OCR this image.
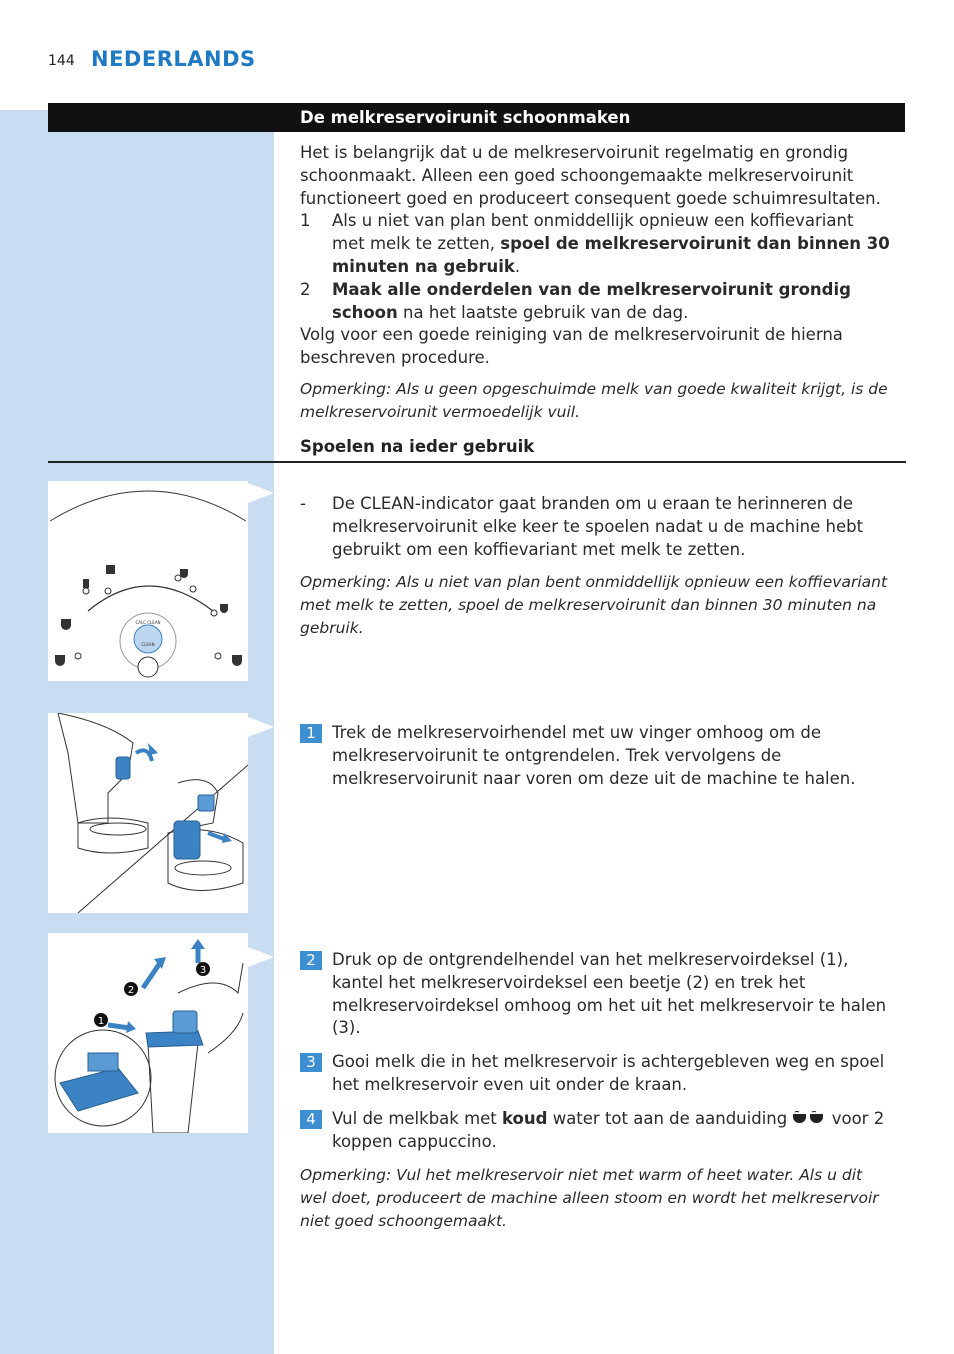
144 NEDERLANDS
De melkreservoirunit schoonmaken
Het is belangrijk dat u de melkreservoirunit regelmatig en grondig schoonmaakt. Alleen een goed schoongemaakte melkreservoirunit functioneert goed en produceert consequent goede schuimresultaten.
1 Als u niet van plan bent onmiddellijk opnieuw een koffievariant met melk te zetten, spoel de melkreservoirunit dan binnen 30 minuten na gebruik.
2 Maak alle onderdelen van de melkreservoirunit grondig schoon na het laatste gebruik van de dag.
Volg voor een goede reiniging van de melkreservoirunit de hierna beschreven procedure.
Opmerking: Als u geen opgeschuimde melk van goede kwaliteit krijgt, is de melkreservoirunit vermoedelijk vuil.
Spoelen na ieder gebruik
CALC CLEAN
CLEAN
- De CLEAN-indicator gaat branden om u eraan te herinneren de melkreservoirunit elke keer te spoelen nadat u de machine hebt gebruikt om een koffievariant met melk te zetten.
Opmerking: Als u niet van plan bent onmiddellijk opnieuw een koffievariant met melk te zetten, spoel de melkreservoirunit dan binnen 30 minuten na gebruik.
1 Trek de melkreservoirhendel met uw vinger omhoog om de melkreservoirunit te ontgrendelen. Trek vervolgens de melkreservoirunit naar voren om deze uit de machine te halen.
1
2
3
2 Druk op de ontgrendelhendel van het melkreservoirdeksel (1), kantel het melkreservoirdeksel een beetje (2) en trek het melkreservoirdeksel omhoog om het uit het melkreservoir te halen (3).
3 Gooi melk die in het melkreservoir is achtergebleven weg en spoel het melkreservoir even uit onder de kraan.
4 Vul de melkbak met koud water tot aan de aanduiding  voor 2 koppen cappuccino.
Opmerking: Vul het melkreservoir niet met warm of heet water. Als u dit wel doet, produceert de machine alleen stoom en wordt het melkreservoir niet goed schoongemaakt.
